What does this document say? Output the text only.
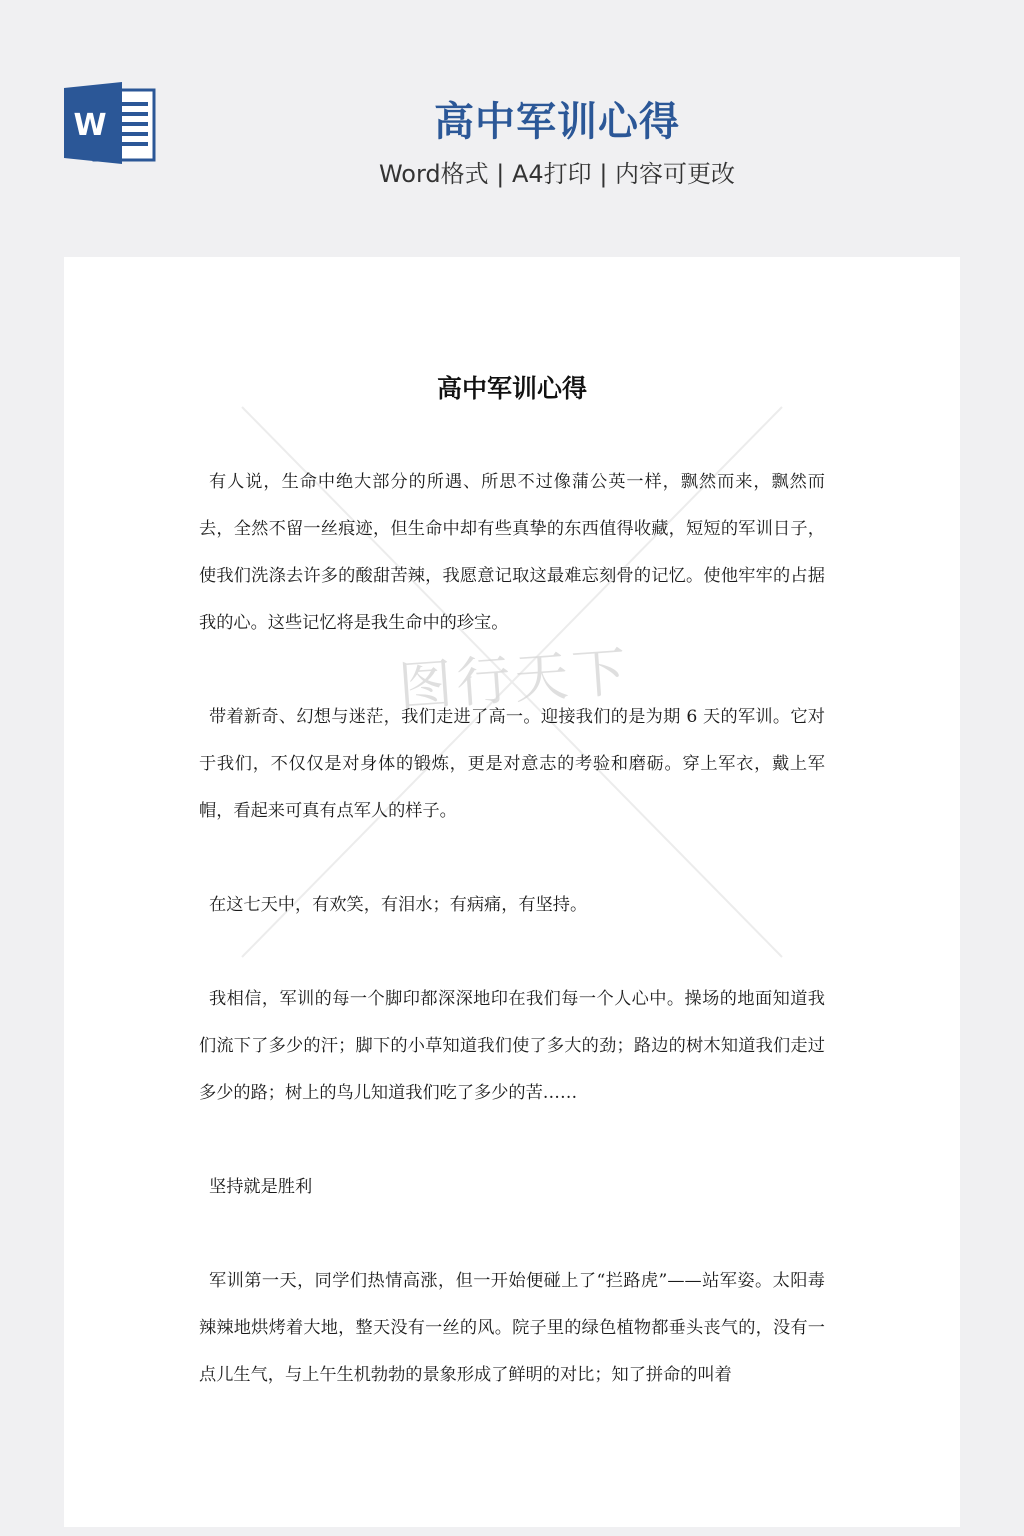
W	高中军训心得
Word格式 | A4打印 | 内容可更改
图行天下
高中军训心得

有人说，生命中绝大部分的所遇、所思不过像蒲公英一样，飘然而来，飘然而去，全然不留一丝痕迹，但生命中却有些真挚的东西值得收藏，短短的军训日子，使我们洗涤去许多的酸甜苦辣，我愿意记取这最难忘刻骨的记忆。使他牢牢的占据我的心。这些记忆将是我生命中的珍宝。

带着新奇、幻想与迷茫，我们走进了高一。迎接我们的是为期 6 天的军训。它对于我们，不仅仅是对身体的锻炼，更是对意志的考验和磨砺。穿上军衣，戴上军帽，看起来可真有点军人的样子。

在这七天中，有欢笑，有泪水；有病痛，有坚持。

我相信，军训的每一个脚印都深深地印在我们每一个人心中。操场的地面知道我们流下了多少的汗；脚下的小草知道我们使了多大的劲；路边的树木知道我们走过多少的路；树上的鸟儿知道我们吃了多少的苦……

坚持就是胜利

军训第一天，同学们热情高涨，但一开始便碰上了“拦路虎”——站军姿。太阳毒辣辣地烘烤着大地，整天没有一丝的风。院子里的绿色植物都垂头丧气的，没有一点儿生气，与上午生机勃勃的景象形成了鲜明的对比；知了拼命的叫着
